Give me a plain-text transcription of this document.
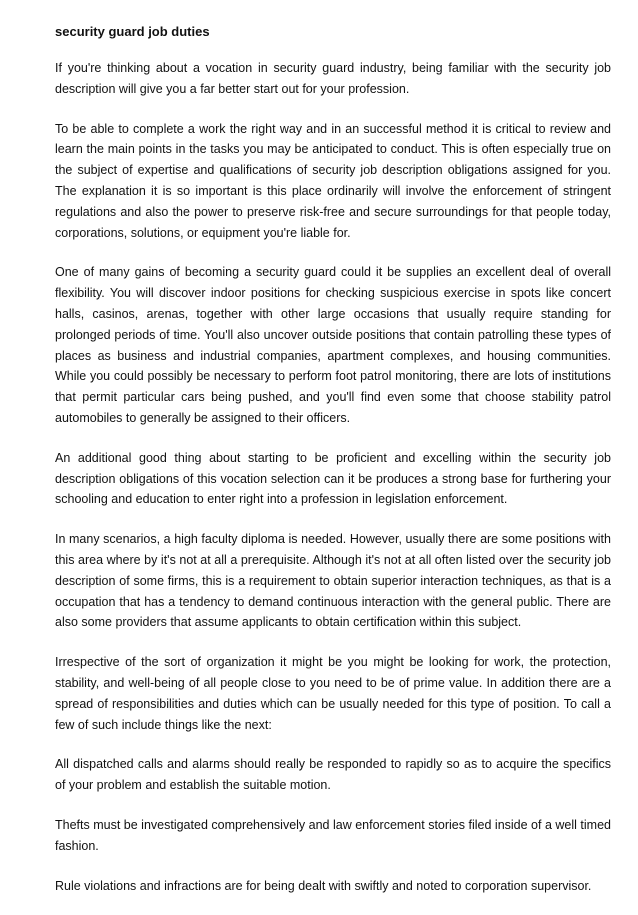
security guard job duties

If you're thinking about a vocation in security guard industry, being familiar with the security job description will give you a far better start out for your profession.

To be able to complete a work the right way and in an successful method it is critical to review and learn the main points in the tasks you may be anticipated to conduct. This is often especially true on the subject of expertise and qualifications of security job description obligations assigned for you. The explanation it is so important is this place ordinarily will involve the enforcement of stringent regulations and also the power to preserve risk-free and secure surroundings for that people today, corporations, solutions, or equipment you're liable for.

One of many gains of becoming a security guard could it be supplies an excellent deal of overall flexibility. You will discover indoor positions for checking suspicious exercise in spots like concert halls, casinos, arenas, together with other large occasions that usually require standing for prolonged periods of time. You'll also uncover outside positions that contain patrolling these types of places as business and industrial companies, apartment complexes, and housing communities. While you could possibly be necessary to perform foot patrol monitoring, there are lots of institutions that permit particular cars being pushed, and you'll find even some that choose stability patrol automobiles to generally be assigned to their officers.

An additional good thing about starting to be proficient and excelling within the security job description obligations of this vocation selection can it be produces a strong base for furthering your schooling and education to enter right into a profession in legislation enforcement.

In many scenarios, a high faculty diploma is needed. However, usually there are some positions with this area where by it's not at all a prerequisite. Although it's not at all often listed over the security job description of some firms, this is a requirement to obtain superior interaction techniques, as that is a occupation that has a tendency to demand continuous interaction with the general public. There are also some providers that assume applicants to obtain certification within this subject.

Irrespective of the sort of organization it might be you might be looking for work, the protection, stability, and well-being of all people close to you need to be of prime value. In addition there are a spread of responsibilities and duties which can be usually needed for this type of position. To call a few of such include things like the next:

All dispatched calls and alarms should really be responded to rapidly so as to acquire the specifics of your problem and establish the suitable motion.

Thefts must be investigated comprehensively and law enforcement stories filed inside of a well timed fashion.

Rule violations and infractions are for being dealt with swiftly and noted to corporation supervisor.
